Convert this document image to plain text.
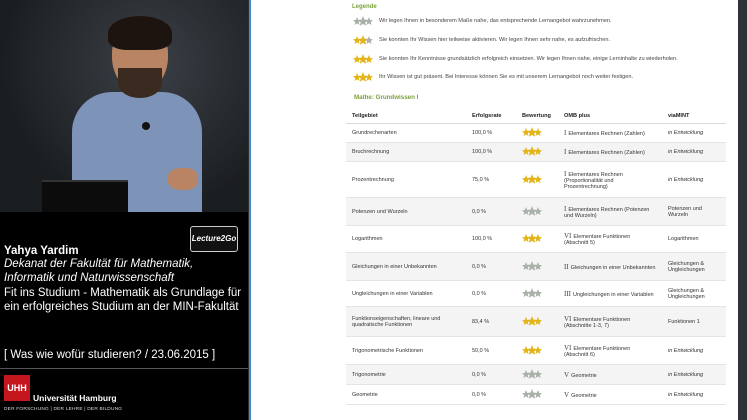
Lecture2Go
Yahya Yardim
Dekanat der Fakultät für Mathematik, Informatik und Naturwissenschaft
Fit ins Studium - Mathematik als Grundlage für ein erfolgreiches Studium an der MIN-Fakultät
[ Was wie wofür studieren? / 23.06.2015 ]
UHH
Universität Hamburg
DER FORSCHUNG | DER LEHRE | DER BILDUNG
Legende
Wir legen Ihnen in besonderem Maße nahe, das entsprechende Lernangebot wahrzunehmen.
Sie konnten Ihr Wissen hier teilweise aktivieren. Wir legen Ihnen sehr nahe, es aufzufrischen.
Sie konnten Ihr Kenntnisse grundsätzlich erfolgreich einsetzen. Wir legen Ihnen nahe, einige Lerninhalte zu wiederholen.
Ihr Wissen ist gut präsent. Bei Interesse können Sie es mit unserem Lernangebot noch weiter festigen.
Mathe: Grundwissen I
Teilgebiet	Erfolgsrate	Bewertung	OMB plus	viaMINT
Grundrechenarten	100,0 %		I Elementares Rechnen (Zahlen)	in Entwicklung
Bruchrechnung	100,0 %		I Elementares Rechnen (Zahlen)	in Entwicklung
Prozentrechnung	75,0 %		I Elementares Rechnen (Proportionalität und Prozentrechnung)	in Entwicklung
Potenzen und Wurzeln	0,0 %		I Elementares Rechnen (Potenzen und Wurzeln)	Potenzen und Wurzeln
Logarithmen	100,0 %		VI Elementare Funktionen (Abschnitt 5)	Logarithmen
Gleichungen in einer Unbekannten	0,0 %		II Gleichungen in einer Unbekannten	Gleichungen & Ungleichungen
Ungleichungen in einer Variablen	0,0 %		III Ungleichungen in einer Variablen	Gleichungen & Ungleichungen
Funktionseigenschaften, lineare und quadratische Funktionen	83,4 %		VI Elementare Funktionen (Abschnitte 1-3, 7)	Funktionen 1
Trigonometrische Funktionen	50,0 %		VI Elementare Funktionen (Abschnitt 6)	in Entwicklung
Trigonometrie	0,0 %		V Geometrie	in Entwicklung
Geometrie	0,0 %		V Geometrie	in Entwicklung
